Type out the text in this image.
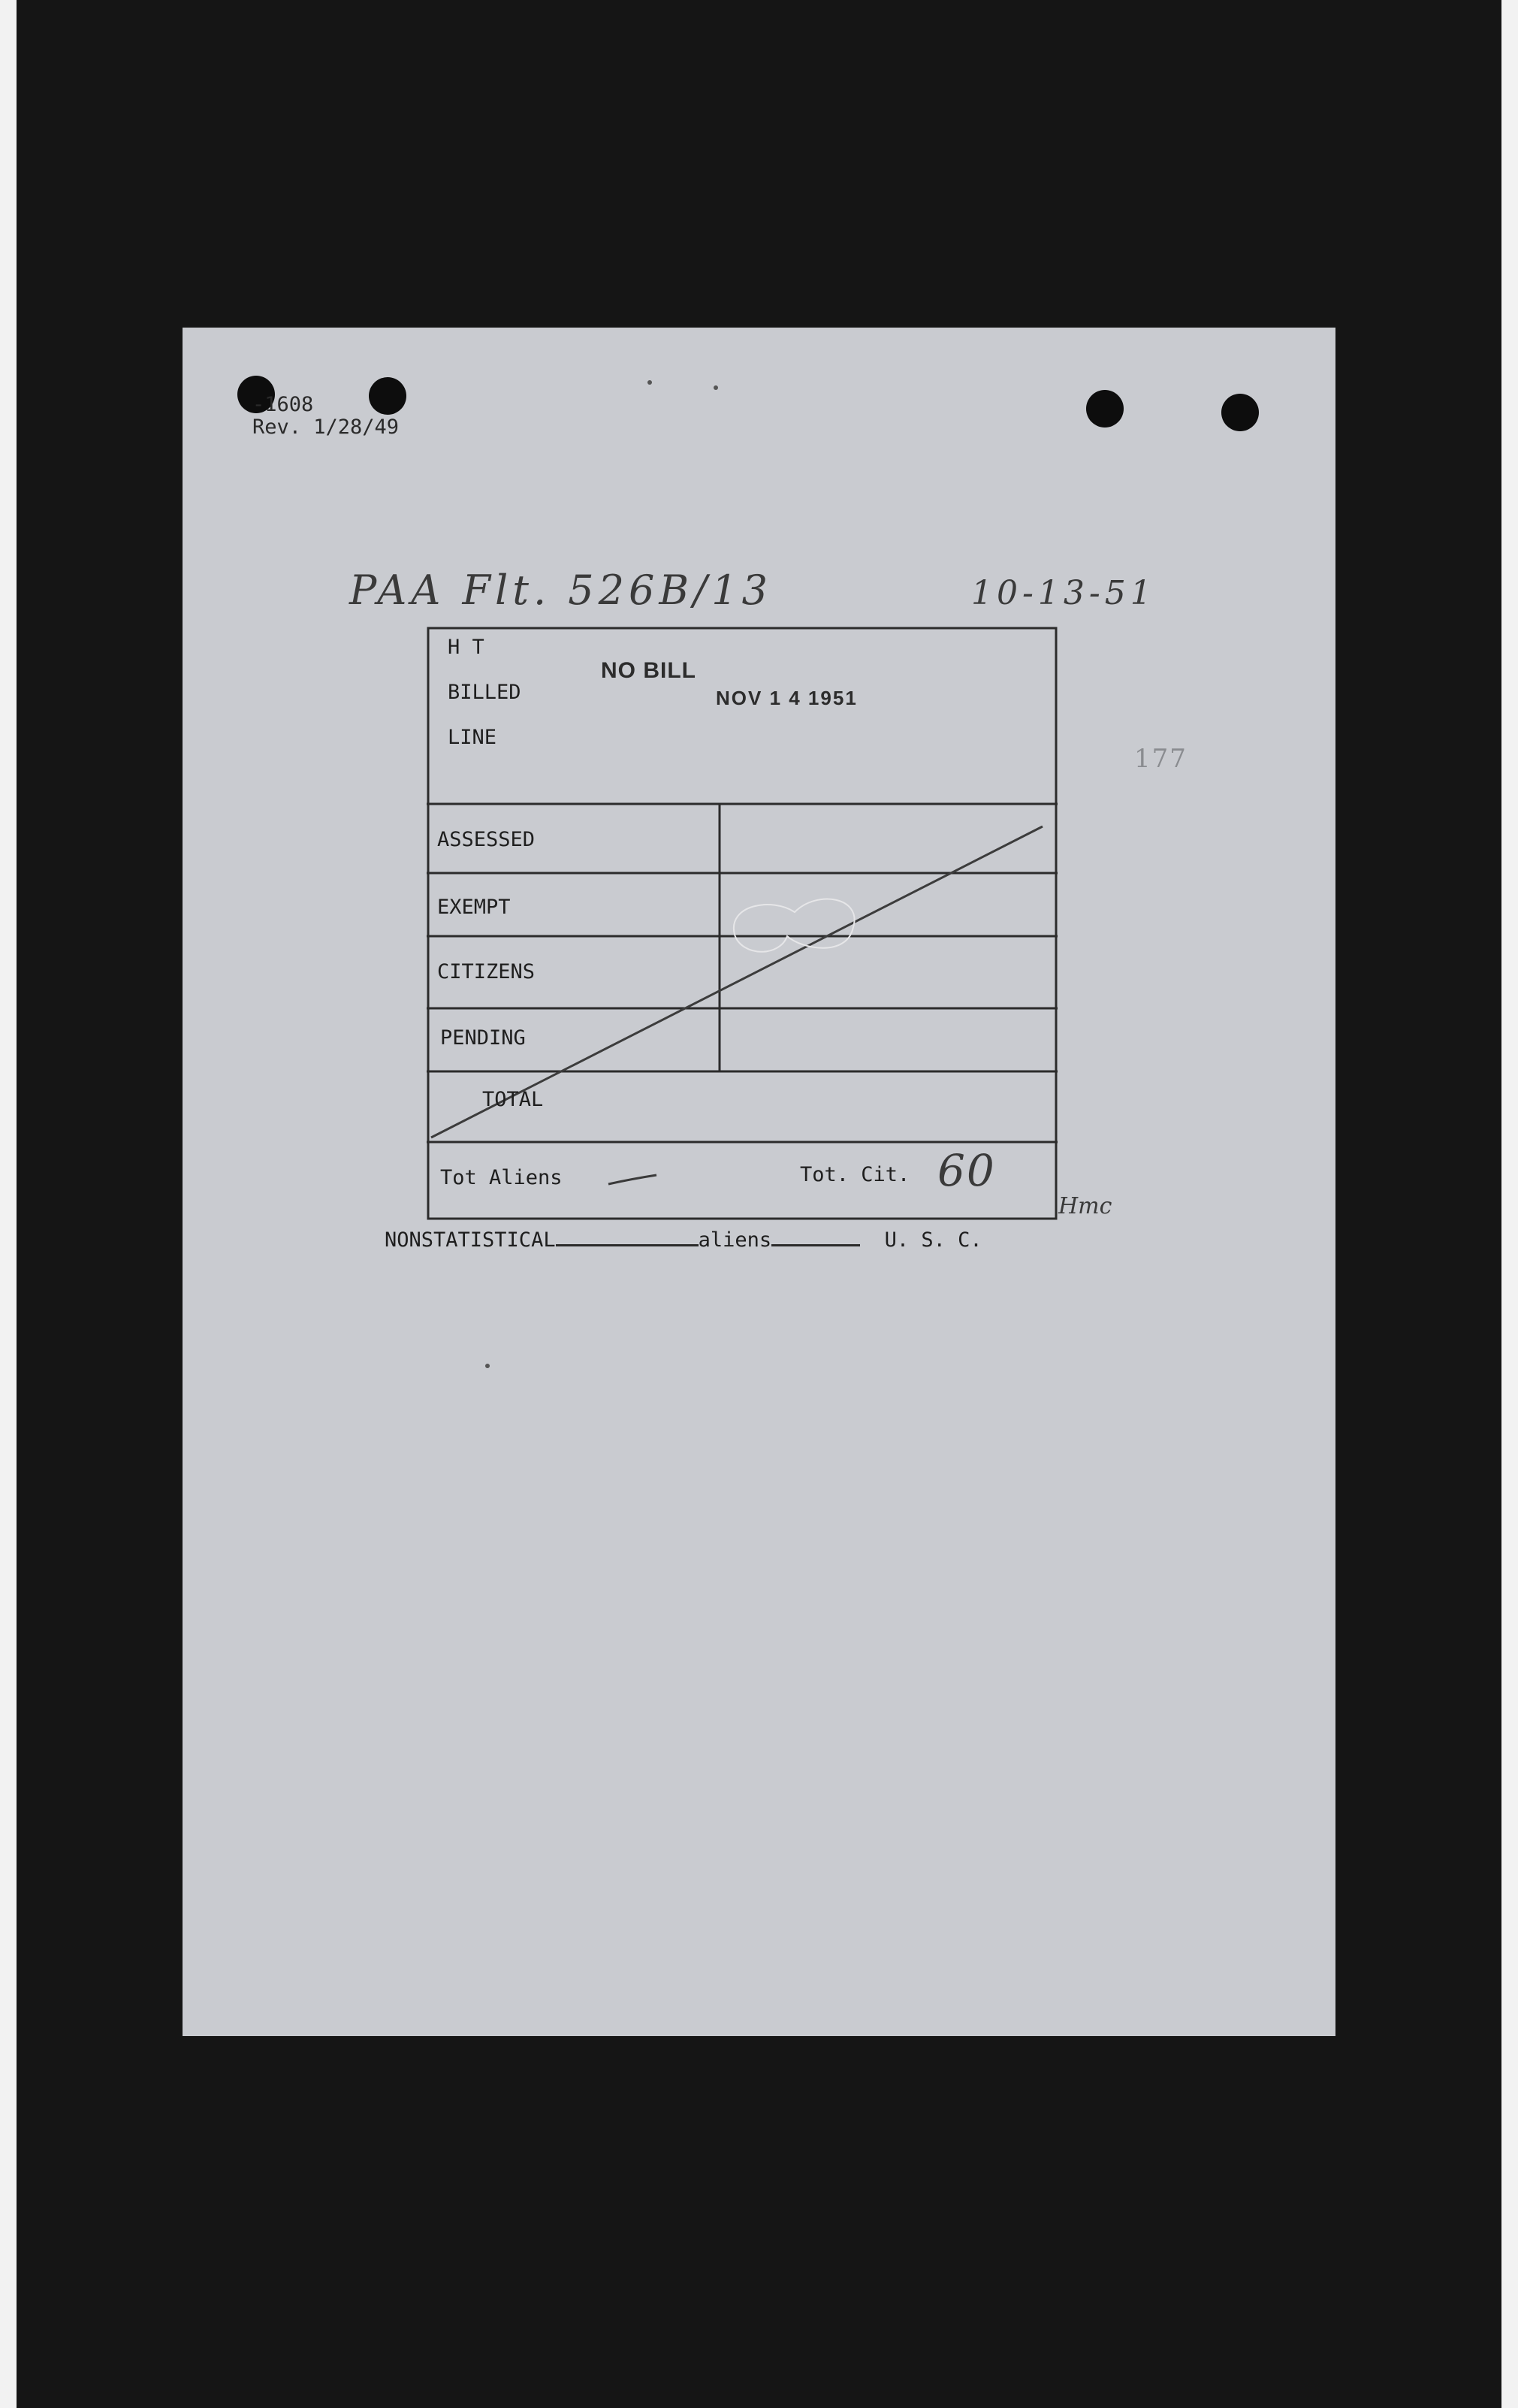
-1608
Rev. 1/28/49
PAA Flt. 526B/13	10-13-51
177
H T
BILLED
LINE
NO BILL
NOV 1 4 1951
ASSESSED
EXEMPT
CITIZENS
PENDING
TOTAL
Tot Aliens	Tot. Cit. 60
Hmc
NONSTATISTICAL	aliens	U. S. C.
